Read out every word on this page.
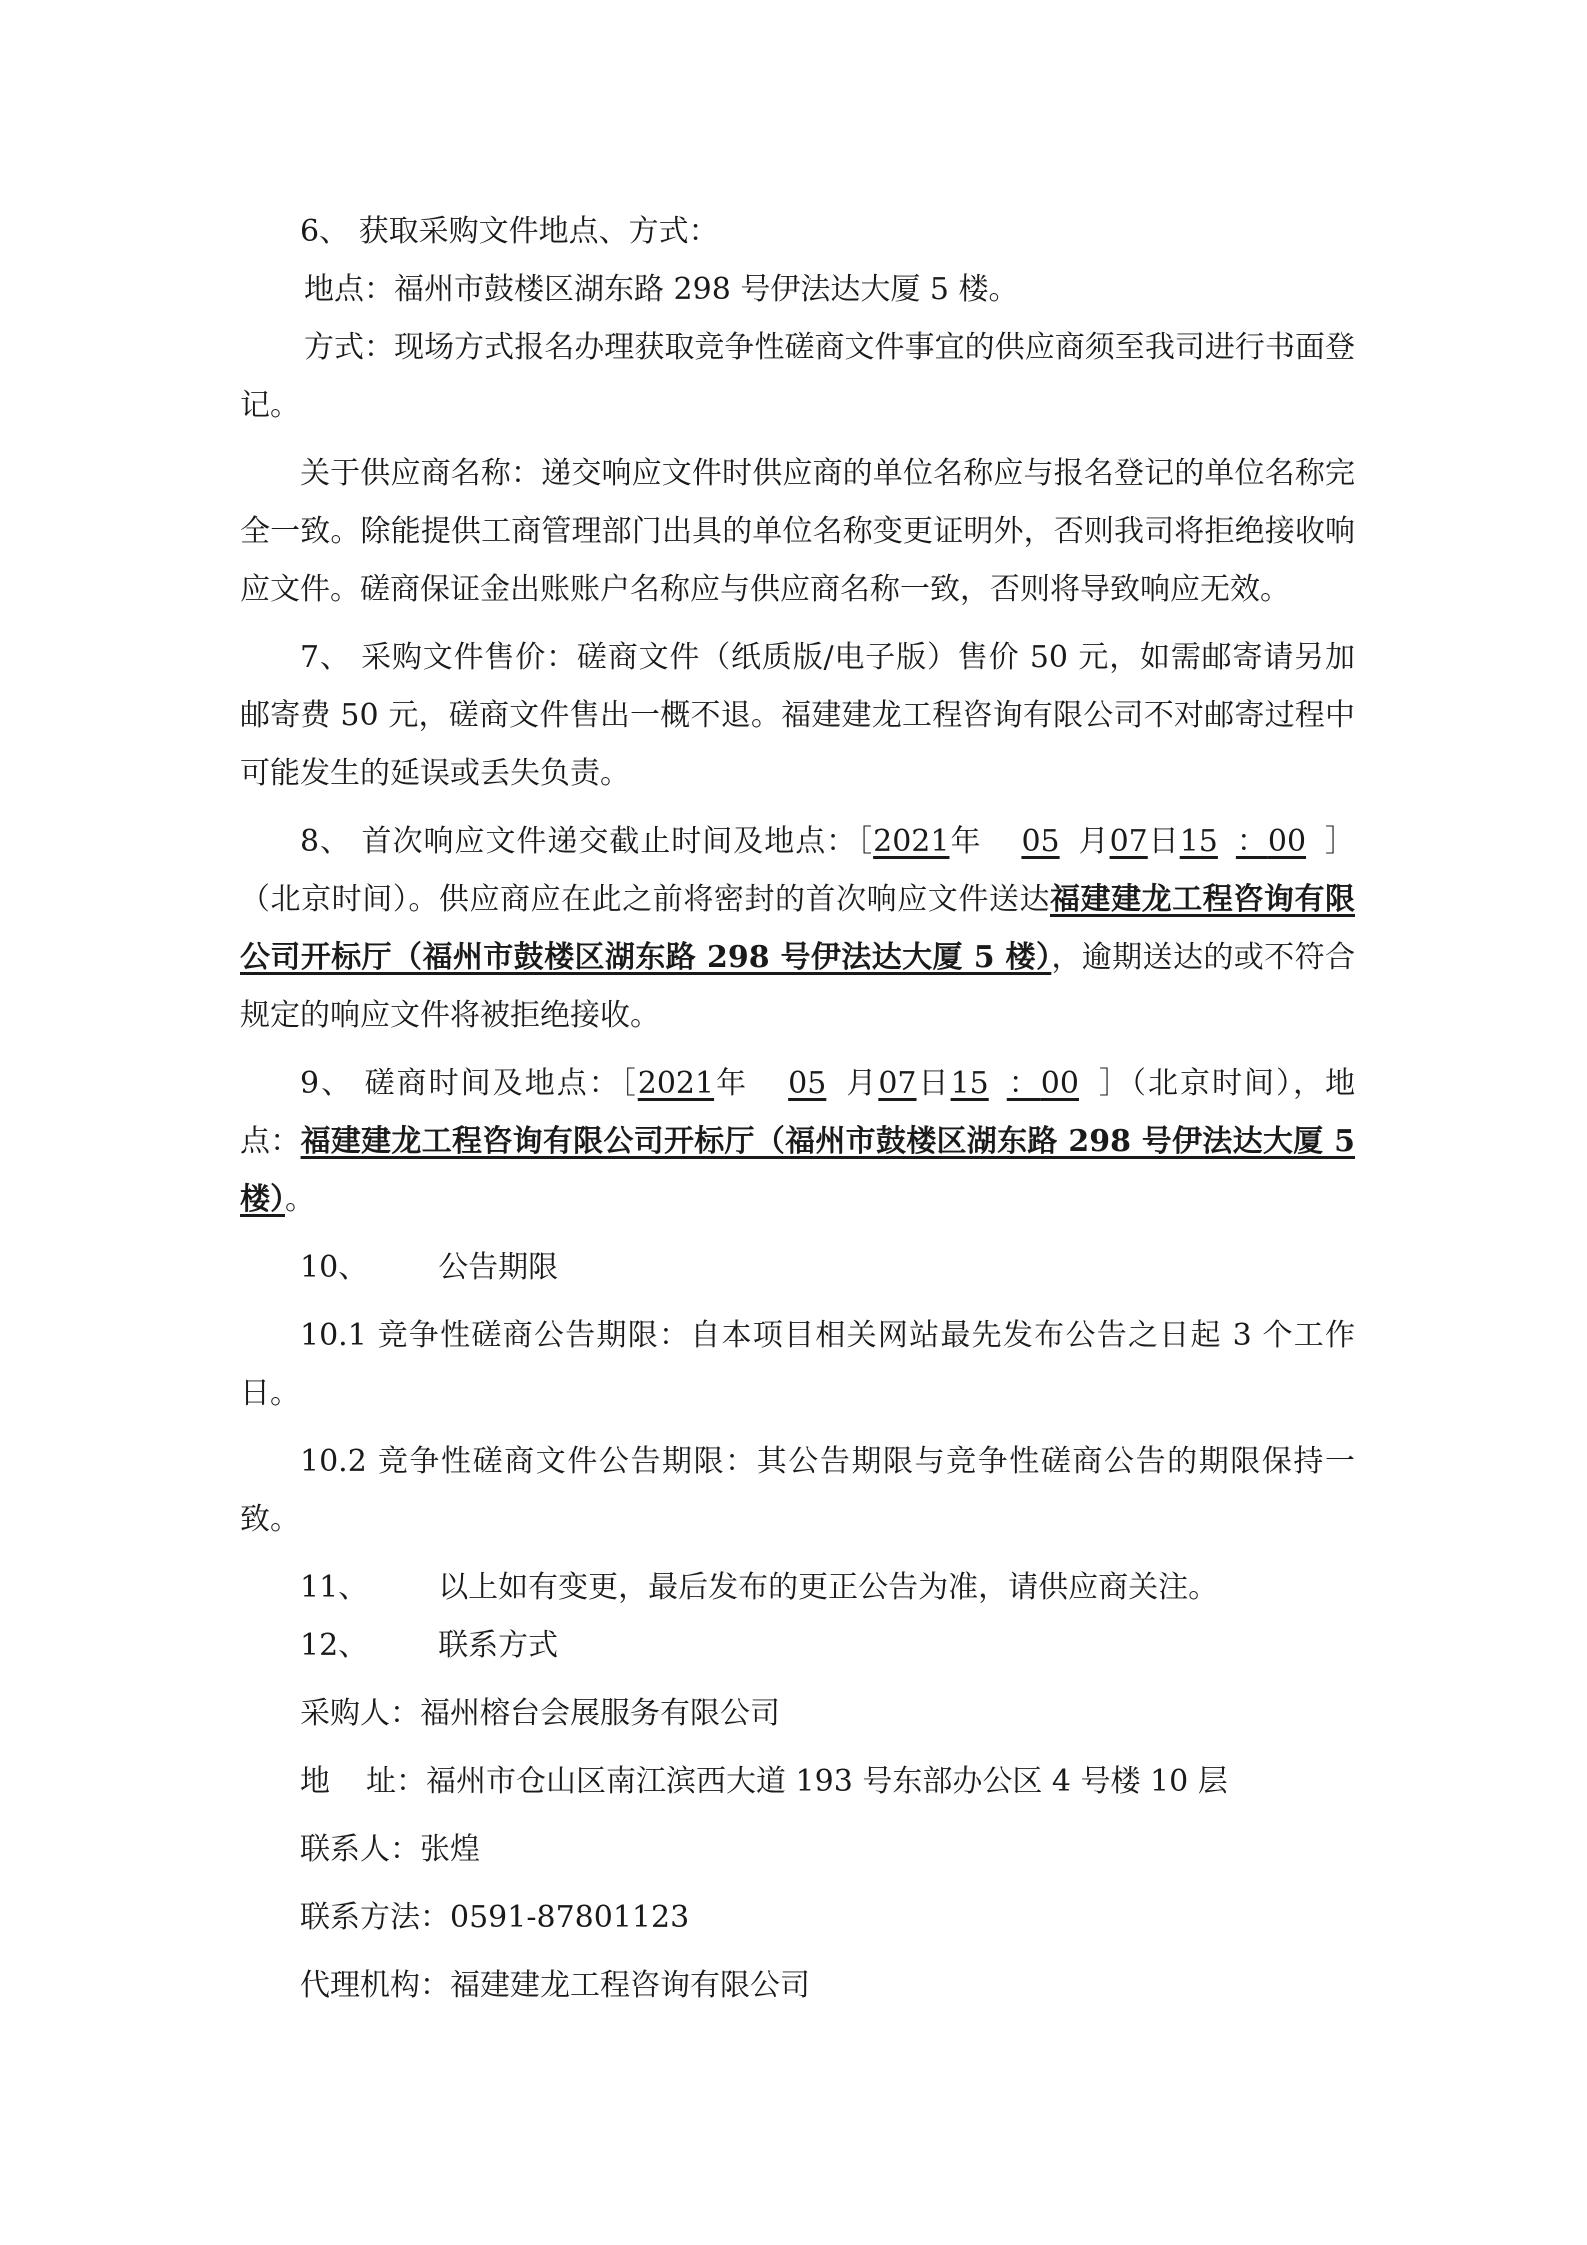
6、 获取采购文件地点、方式：

地点：福州市鼓楼区湖东路 298 号伊法达大厦 5 楼。

方式：现场方式报名办理获取竞争性磋商文件事宜的供应商须至我司进行书面登记。

关于供应商名称：递交响应文件时供应商的单位名称应与报名登记的单位名称完全一致。除能提供工商管理部门出具的单位名称变更证明外，否则我司将拒绝接收响应文件。磋商保证金出账账户名称应与供应商名称一致，否则将导致响应无效。

7、 采购文件售价：磋商文件（纸质版/电子版）售价 50 元，如需邮寄请另加邮寄费 50 元，磋商文件售出一概不退。福建建龙工程咨询有限公司不对邮寄过程中可能发生的延误或丢失负责。

8、 首次响应文件递交截止时间及地点：［2021年 05 月07日15 ：00 ］（北京时间）。供应商应在此之前将密封的首次响应文件送达福建建龙工程咨询有限公司开标厅（福州市鼓楼区湖东路 298 号伊法达大厦 5 楼），逾期送达的或不符合规定的响应文件将被拒绝接收。

9、 磋商时间及地点：［2021年 05 月07日15 ：00 ］（北京时间），地点：福建建龙工程咨询有限公司开标厅（福州市鼓楼区湖东路 298 号伊法达大厦 5 楼）。

10、 公告期限

10.1 竞争性磋商公告期限：自本项目相关网站最先发布公告之日起 3 个工作日。

10.2 竞争性磋商文件公告期限：其公告期限与竞争性磋商公告的期限保持一致。

11、 以上如有变更，最后发布的更正公告为准，请供应商关注。

12、 联系方式

采购人：福州榕台会展服务有限公司

地 址：福州市仓山区南江滨西大道 193 号东部办公区 4 号楼 10 层

联系人：张煌

联系方法：0591-87801123

代理机构：福建建龙工程咨询有限公司
